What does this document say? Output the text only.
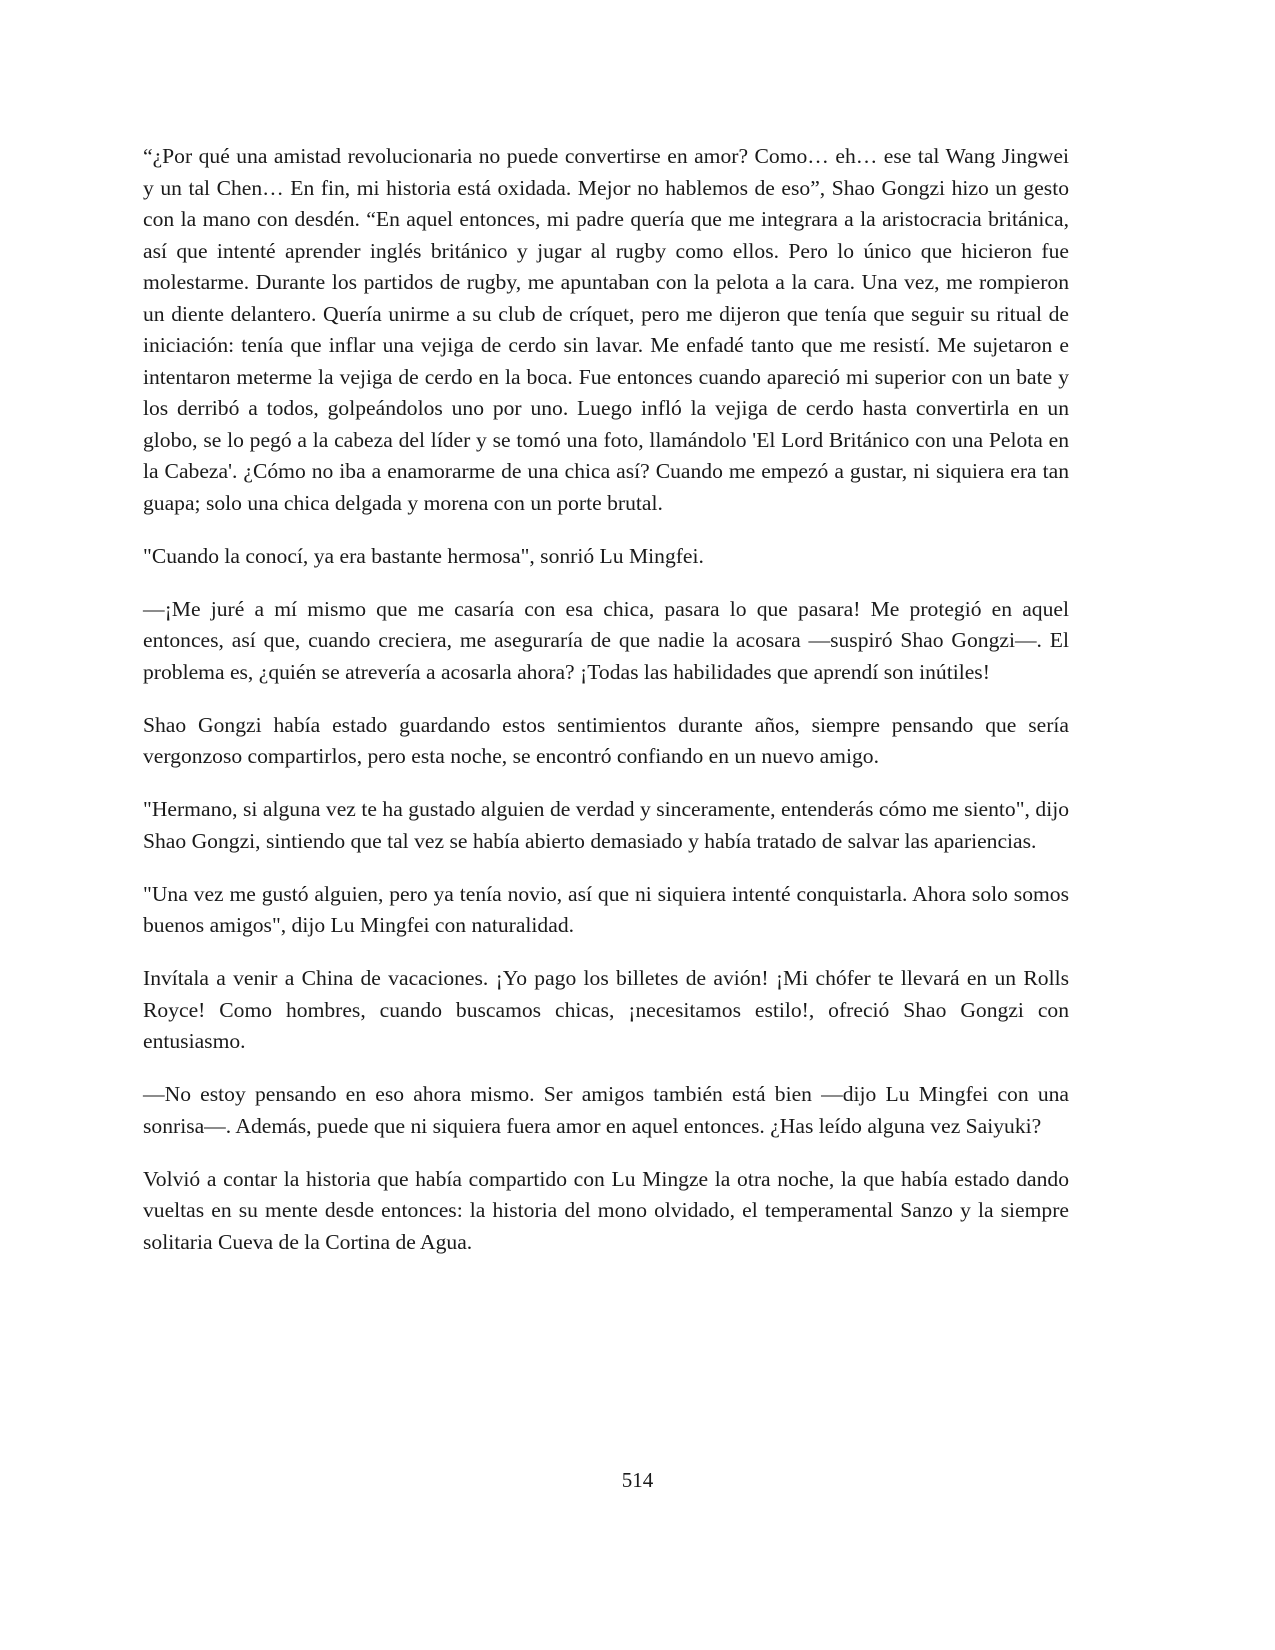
“¿Por qué una amistad revolucionaria no puede convertirse en amor? Como… eh… ese tal Wang Jingwei y un tal Chen… En fin, mi historia está oxidada. Mejor no hablemos de eso”, Shao Gongzi hizo un gesto con la mano con desdén. “En aquel entonces, mi padre quería que me integrara a la aristocracia británica, así que intenté aprender inglés británico y jugar al rugby como ellos. Pero lo único que hicieron fue molestarme. Durante los partidos de rugby, me apuntaban con la pelota a la cara. Una vez, me rompieron un diente delantero. Quería unirme a su club de críquet, pero me dijeron que tenía que seguir su ritual de iniciación: tenía que inflar una vejiga de cerdo sin lavar. Me enfadé tanto que me resistí. Me sujetaron e intentaron meterme la vejiga de cerdo en la boca. Fue entonces cuando apareció mi superior con un bate y los derribó a todos, golpeándolos uno por uno. Luego infló la vejiga de cerdo hasta convertirla en un globo, se lo pegó a la cabeza del líder y se tomó una foto, llamándolo 'El Lord Británico con una Pelota en la Cabeza'. ¿Cómo no iba a enamorarme de una chica así? Cuando me empezó a gustar, ni siquiera era tan guapa; solo una chica delgada y morena con un porte brutal.

"Cuando la conocí, ya era bastante hermosa", sonrió Lu Mingfei.

—¡Me juré a mí mismo que me casaría con esa chica, pasara lo que pasara! Me protegió en aquel entonces, así que, cuando creciera, me aseguraría de que nadie la acosara —suspiró Shao Gongzi—. El problema es, ¿quién se atrevería a acosarla ahora? ¡Todas las habilidades que aprendí son inútiles!

Shao Gongzi había estado guardando estos sentimientos durante años, siempre pensando que sería vergonzoso compartirlos, pero esta noche, se encontró confiando en un nuevo amigo.

"Hermano, si alguna vez te ha gustado alguien de verdad y sinceramente, entenderás cómo me siento", dijo Shao Gongzi, sintiendo que tal vez se había abierto demasiado y había tratado de salvar las apariencias.

"Una vez me gustó alguien, pero ya tenía novio, así que ni siquiera intenté conquistarla. Ahora solo somos buenos amigos", dijo Lu Mingfei con naturalidad.

Invítala a venir a China de vacaciones. ¡Yo pago los billetes de avión! ¡Mi chófer te llevará en un Rolls Royce! Como hombres, cuando buscamos chicas, ¡necesitamos estilo!, ofreció Shao Gongzi con entusiasmo.

—No estoy pensando en eso ahora mismo. Ser amigos también está bien —dijo Lu Mingfei con una sonrisa—. Además, puede que ni siquiera fuera amor en aquel entonces. ¿Has leído alguna vez Saiyuki?

Volvió a contar la historia que había compartido con Lu Mingze la otra noche, la que había estado dando vueltas en su mente desde entonces: la historia del mono olvidado, el temperamental Sanzo y la siempre solitaria Cueva de la Cortina de Agua.

514
